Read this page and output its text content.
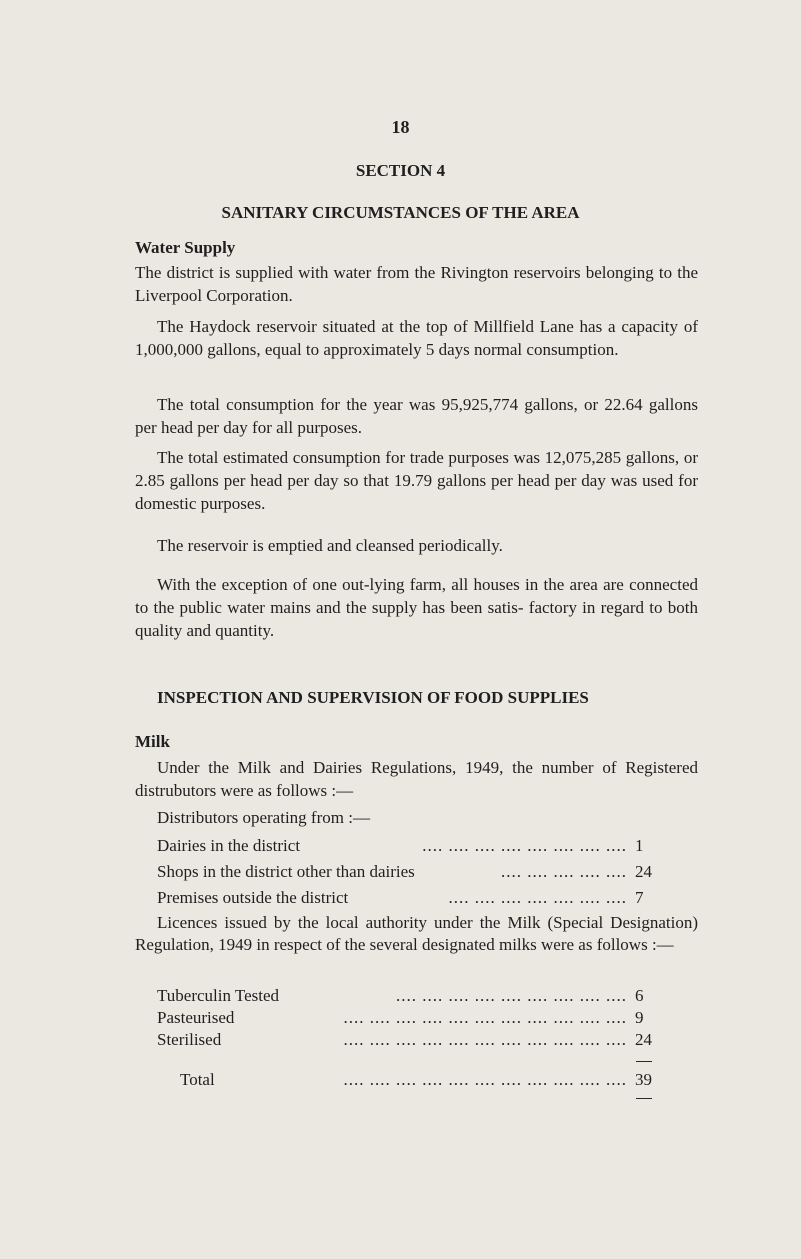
18
SECTION 4
SANITARY CIRCUMSTANCES OF THE AREA

Water Supply

The district is supplied with water from the Rivington reservoirs belonging to the Liverpool Corporation.

The Haydock reservoir situated at the top of Millfield Lane has a capacity of 1,000,000 gallons, equal to approximately 5 days normal consumption.

The total consumption for the year was 95,925,774 gallons, or 22.64 gallons per head per day for all purposes.

The total estimated consumption for trade purposes was 12,075,285 gallons, or 2.85 gallons per head per day so that 19.79 gallons per head per day was used for domestic purposes.

The reservoir is emptied and cleansed periodically.

With the exception of one out-lying farm, all houses in the area are connected to the public water mains and the supply has been satis- factory in regard to both quality and quantity.

INSPECTION AND SUPERVISION OF FOOD SUPPLIES

Milk

Under the Milk and Dairies Regulations, 1949, the number of Registered distrubutors were as follows :—

Distributors operating from :—

Dairies in the district	.... .... .... .... .... .... .... .... 1
Shops in the district other than dairies	.... .... .... .... .... 24
Premises outside the district	.... .... .... .... .... .... .... 7

Licences issued by the local authority under the Milk (Special Designation) Regulation, 1949 in respect of the several designated milks were as follows :—

Tuberculin Tested	.... .... .... .... .... .... .... .... .... 6
Pasteurised	.... .... .... .... .... .... .... .... .... .... .... 9
Sterilised	.... .... .... .... .... .... .... .... .... .... .... 24
Total	.... .... .... .... .... .... .... .... .... .... .... 39
